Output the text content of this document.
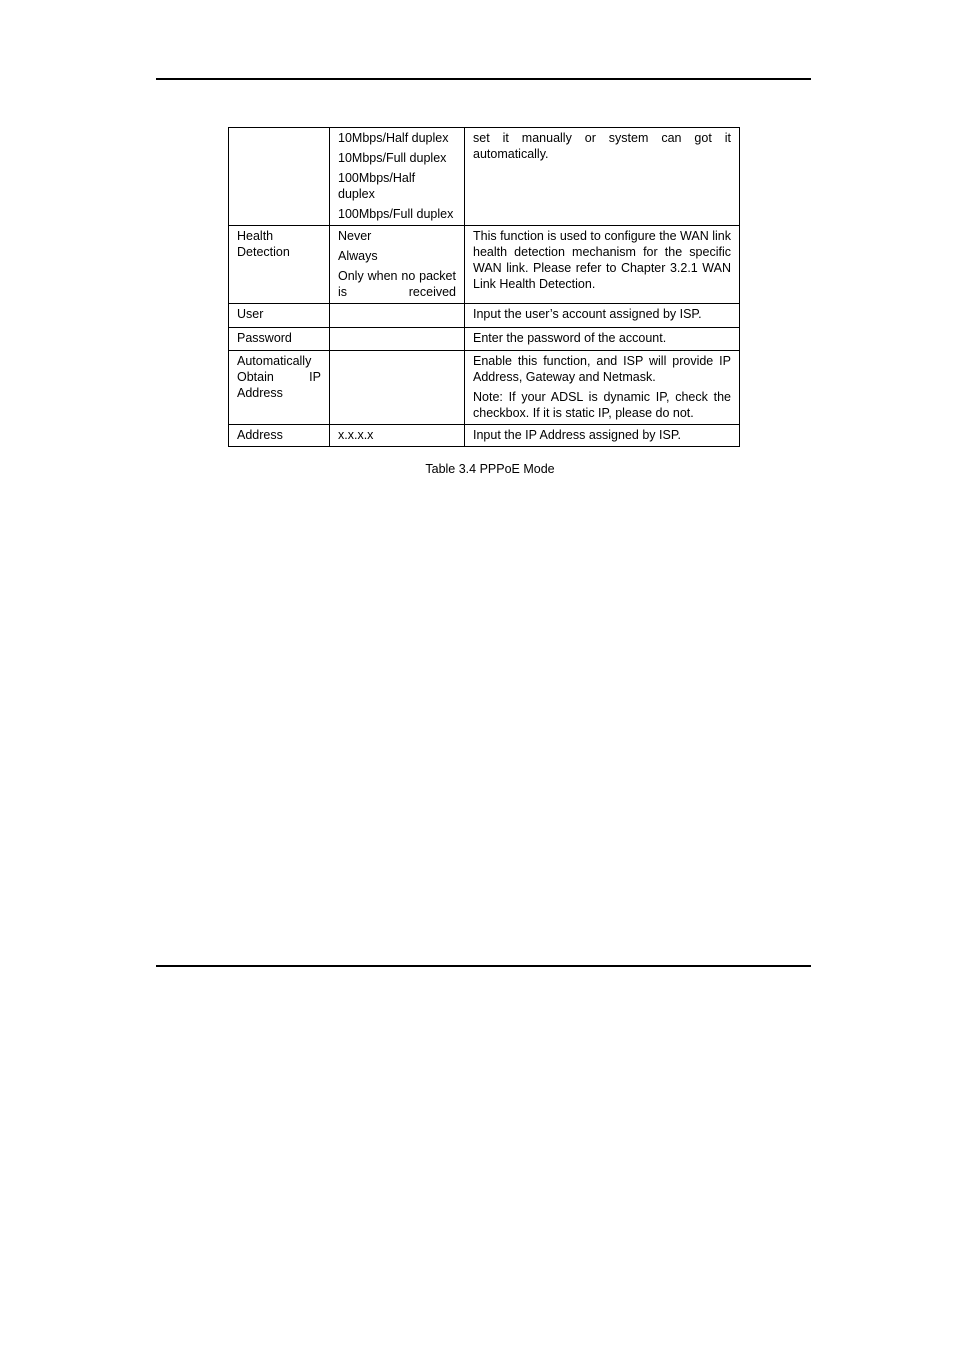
	10Mbps/Half duplex
10Mbps/Full duplex
100Mbps/Half duplex
100Mbps/Full duplex	set it manually or system can got it automatically.

Health Detection	Never
Always
Only when no packet is received	This function is used to configure the WAN link health detection mechanism for the specific WAN link. Please refer to Chapter 3.2.1 WAN Link Health Detection.

User		Input the user’s account assigned by ISP.

Password		Enter the password of the account.

Automatically Obtain IP Address		Enable this function, and ISP will provide IP Address, Gateway and Netmask.
Note: If your ADSL is dynamic IP, check the checkbox. If it is static IP, please do not.

Address	x.x.x.x	Input the IP Address assigned by ISP.
Table 3.4 PPPoE Mode
